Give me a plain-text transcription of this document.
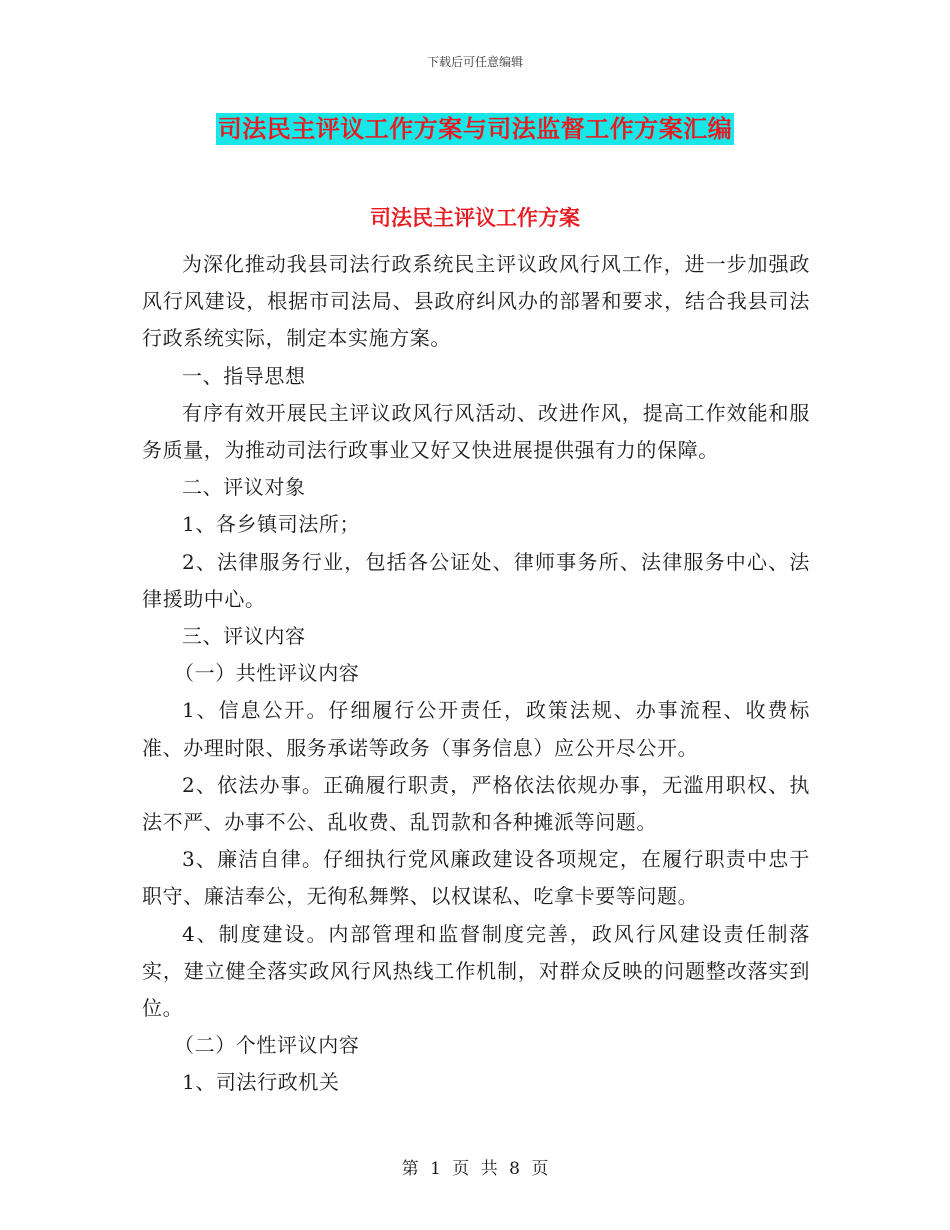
下载后可任意编辑
司法民主评议工作方案与司法监督工作方案汇编
司法民主评议工作方案

为深化推动我县司法行政系统民主评议政风行风工作，进一步加强政风行风建设，根据市司法局、县政府纠风办的部署和要求，结合我县司法行政系统实际，制定本实施方案。

一、指导思想

有序有效开展民主评议政风行风活动、改进作风，提高工作效能和服务质量，为推动司法行政事业又好又快进展提供强有力的保障。

二、评议对象

1、各乡镇司法所；

2、法律服务行业，包括各公证处、律师事务所、法律服务中心、法律援助中心。

三、评议内容

（一）共性评议内容

1、信息公开。仔细履行公开责任，政策法规、办事流程、收费标准、办理时限、服务承诺等政务（事务信息）应公开尽公开。

2、依法办事。正确履行职责，严格依法依规办事，无滥用职权、执法不严、办事不公、乱收费、乱罚款和各种摊派等问题。

3、廉洁自律。仔细执行党风廉政建设各项规定，在履行职责中忠于职守、廉洁奉公，无徇私舞弊、以权谋私、吃拿卡要等问题。

4、制度建设。内部管理和监督制度完善，政风行风建设责任制落实，建立健全落实政风行风热线工作机制，对群众反映的问题整改落实到位。

（二）个性评议内容

1、司法行政机关

第 1 页 共 8 页
